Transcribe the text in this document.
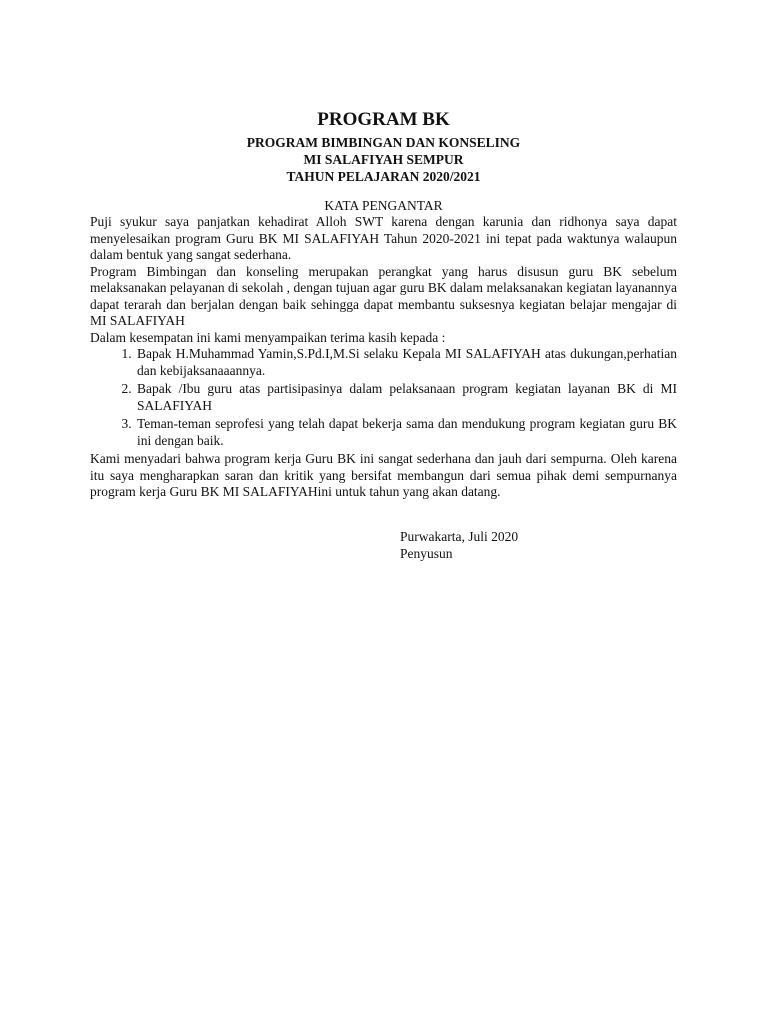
PROGRAM BK
PROGRAM BIMBINGAN DAN KONSELING
MI SALAFIYAH SEMPUR
TAHUN PELAJARAN 2020/2021
KATA PENGANTAR

Puji syukur saya panjatkan kehadirat Alloh SWT karena dengan karunia dan ridhonya saya dapat menyelesaikan program Guru BK MI SALAFIYAH Tahun 2020-2021 ini tepat pada waktunya walaupun dalam bentuk yang sangat sederhana.

Program Bimbingan dan konseling merupakan perangkat yang harus disusun guru BK sebelum melaksanakan pelayanan di sekolah , dengan tujuan agar guru BK dalam melaksanakan kegiatan layanannya dapat terarah dan berjalan dengan baik sehingga dapat membantu suksesnya kegiatan belajar mengajar di MI SALAFIYAH

Dalam kesempatan ini kami menyampaikan terima kasih kepada :

1. Bapak H.Muhammad Yamin,S.Pd.I,M.Si selaku Kepala MI SALAFIYAH atas dukungan,perhatian dan kebijaksanaaannya.
2. Bapak /Ibu guru atas partisipasinya dalam pelaksanaan program kegiatan layanan BK di MI SALAFIYAH
3. Teman-teman seprofesi yang telah dapat bekerja sama dan mendukung program kegiatan guru BK ini dengan baik.

Kami menyadari bahwa program kerja Guru BK ini sangat sederhana dan jauh dari sempurna. Oleh karena itu saya mengharapkan saran dan kritik yang bersifat membangun dari semua pihak demi sempurnanya program kerja Guru BK MI SALAFIYAHini untuk tahun yang akan datang.

Purwakarta, Juli 2020
Penyusun
